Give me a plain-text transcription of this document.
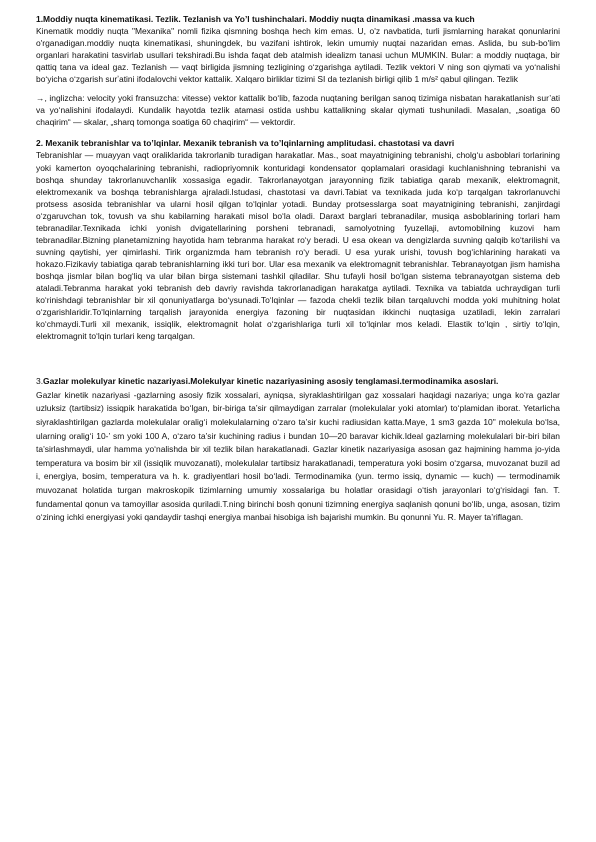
1.Moddiy nuqta kinematikasi. Tezlik. Tezlanish va Yo’l tushinchalari. Moddiy nuqta dinamikasi .massa va kuch

Kinematik moddiy nuqta "Mexanika" nomli fizika qismning boshqa hech kim emas. U, o'z navbatida, turli jismlarning harakat qonunlarini o'rganadigan.moddiy nuqta kinematikasi, shuningdek, bu vazifani ishtirok, lekin umumiy nuqtai nazaridan emas. Aslida, bu sub-bo'lim organlari harakatini tasvirlab usullari tekshiradi.Bu ishda faqat deb atalmish idealizm tanasi uchun MUMKIN. Bular: a moddiy nuqtaga, bir qattiq tana va ideal gaz. Tezlanish — vaqt birligida jismning tezligining oʻzgarishga aytiladi. Tezlik vektori V ning son qiymati va yoʻnalishi boʻyicha oʻzgarish surʼatini ifodalovchi vektor kattalik. Xalqaro birliklar tizimi SI da tezlanish birligi qilib 1 m/s² qabul qilingan. Tezlik

→, inglizcha: velocity yoki fransuzcha: vitesse) vektor kattalik bo‘lib, fazoda nuqtaning berilgan sanoq tizimiga nisbatan harakatlanish sur’ati va yo‘nalishini ifodalaydi. Kundalik hayotda tezlik atamasi ostida ushbu kattalikning skalar qiymati tushuniladi. Masalan, „soatiga 60 chaqirim“ — skalar, „sharq tomonga soatiga 60 chaqirim“ — vektordir.

2. Mexanik tebranishlar va to’lqinlar. Mexanik tebranish va to’lqinlarning amplitudasi. chastotasi va davri

Tebranishlar — muayyan vaqt oraliklarida takrorlanib turadigan harakatlar. Mas., soat mayatnigining tebranishi, cholg‘u asboblari torlarining yoki kamerton oyoqchalarining tebranishi, radiopriyomnik konturidagi kondensator qoplamalari orasidagi kuchlanishning tebranishi va boshqa shunday takrorlanuvchanlik xossasiga egadir. Takrorlanayotgan jarayonning fizik tabiatiga qarab mexanik, elektromagnit, elektromexanik va boshqa tebranishlarga ajraladi.Istudasi, chastotasi va davri.Tabiat va texnikada juda ko‘p tarqalgan takrorlanuvchi protsess asosida tebranishlar va ularni hosil qilgan to‘lqinlar yotadi. Bunday protsesslarga soat mayatnigining tebranishi, zanjirdagi o‘zgaruvchan tok, tovush va shu kabilarning harakati misol bo‘la oladi. Daraxt barglari tebranadilar, musiqa asboblarining torlari ham tebranadilar.Texnikada ichki yonish dvigatellarining porsheni tebranadi, samolyotning fyuzellaji, avtomobilning kuzovi ham tebranadilar.Bizning planetamizning hayotida ham tebranma harakat ro‘y beradi. U esa okean va dengizlarda suvning qalqib ko‘tarilishi va suvning qaytishi, yer qimirlashi. Tirik organizmda ham tebranish ro‘y beradi. U esa yurak urishi, tovush bog‘ichlarining harakati va hokazo.Fizikaviy tabiatiga qarab tebranishlarning ikki turi bor. Ular esa mexanik va elektromagnit tebranishlar. Tebranayotgan jism hamisha boshqa jismlar bilan bog‘liq va ular bilan birga sistemani tashkil qiladilar. Shu tufayli hosil bo‘lgan sistema tebranayotgan sistema deb ataladi.Tebranma harakat yoki tebranish deb davriy ravishda takrorlanadigan harakatga aytiladi. Texnika va tabiatda uchraydigan turli ko‘rinishdagi tebranishlar bir xil qonuniyatlarga bo‘ysunadi.To‘lqinlar — fazoda chekli tezlik bilan tarqaluvchi modda yoki muhitning holat o‘zgarishlaridir.To‘lqinlarning tarqalish jarayonida energiya fazoning bir nuqtasidan ikkinchi nuqtasiga uzatiladi, lekin zarralari ko‘chmaydi.Turli xil mexanik, issiqlik, elektromagnit holat o‘zgarishlariga turli xil to‘lqinlar mos keladi. Elastik to‘lqin , sirtiy to‘lqin, elektromagnit to‘lqin turlari keng tarqalgan.

3.Gazlar molekulyar kinetic nazariyasi.Molekulyar kinetic nazariyasining asosiy tenglamasi.termodinamika asoslari.

Gazlar kinetik nazariyasi -gazlarning asosiy fizik xossalari, ayniqsa, siyraklashtirilgan gaz xossalari haqidagi nazariya; unga ko‘ra gazlar uzluksiz (tartibsiz) issiqpik harakatida bo‘lgan, bir-biriga ta’sir qilmaydigan zarralar (molekulalar yoki atomlar) to‘plamidan iborat. Yetarlicha siyraklashtirilgan gazlarda molekulalar oralig‘i molekulalarning o‘zaro ta’sir kuchi radiusidan katta.Maye, 1 sm3 gazda 10" molekula bo‘lsa, ularning oralig‘i 10-’ sm yoki 100 A, o‘zaro ta’sir kuchining radius i bundan 10—20 baravar kichik.Ideal gazlarning molekulalari bir-biri bilan ta’sirlashmaydi, ular hamma yo‘nalishda bir xil tezlik bilan harakatlanadi. Gazlar kinetik nazariyasiga asosan gaz hajmining hamma jo-yida temperatura va bosim bir xil (issiqlik muvozanati), molekulalar tartibsiz harakatlanadi, temperatura yoki bosim o‘zgarsa, muvozanat buzil ad i, energiya, bosim, temperatura va h. k. gradiyentlari hosil bo‘ladi. Termodinamika (yun. termo issiq, dynamic — kuch) — termodinamik muvozanat holatida turgan makroskopik tizimlarning umumiy xossalariga bu holatlar orasidagi o‘tish jarayonlari to‘g‘risidagi fan. T. fundamental qonun va tamoyillar asosida quriladi.T.ning birinchi bosh qonuni tizimning energiya saqlanish qonuni bo‘lib, unga, asosan, tizim o‘zining ichki energiyasi yoki qandaydir tashqi energiya manbai hisobiga ish bajarishi mumkin. Bu qonunni Yu. R. Mayer ta’riflagan.
